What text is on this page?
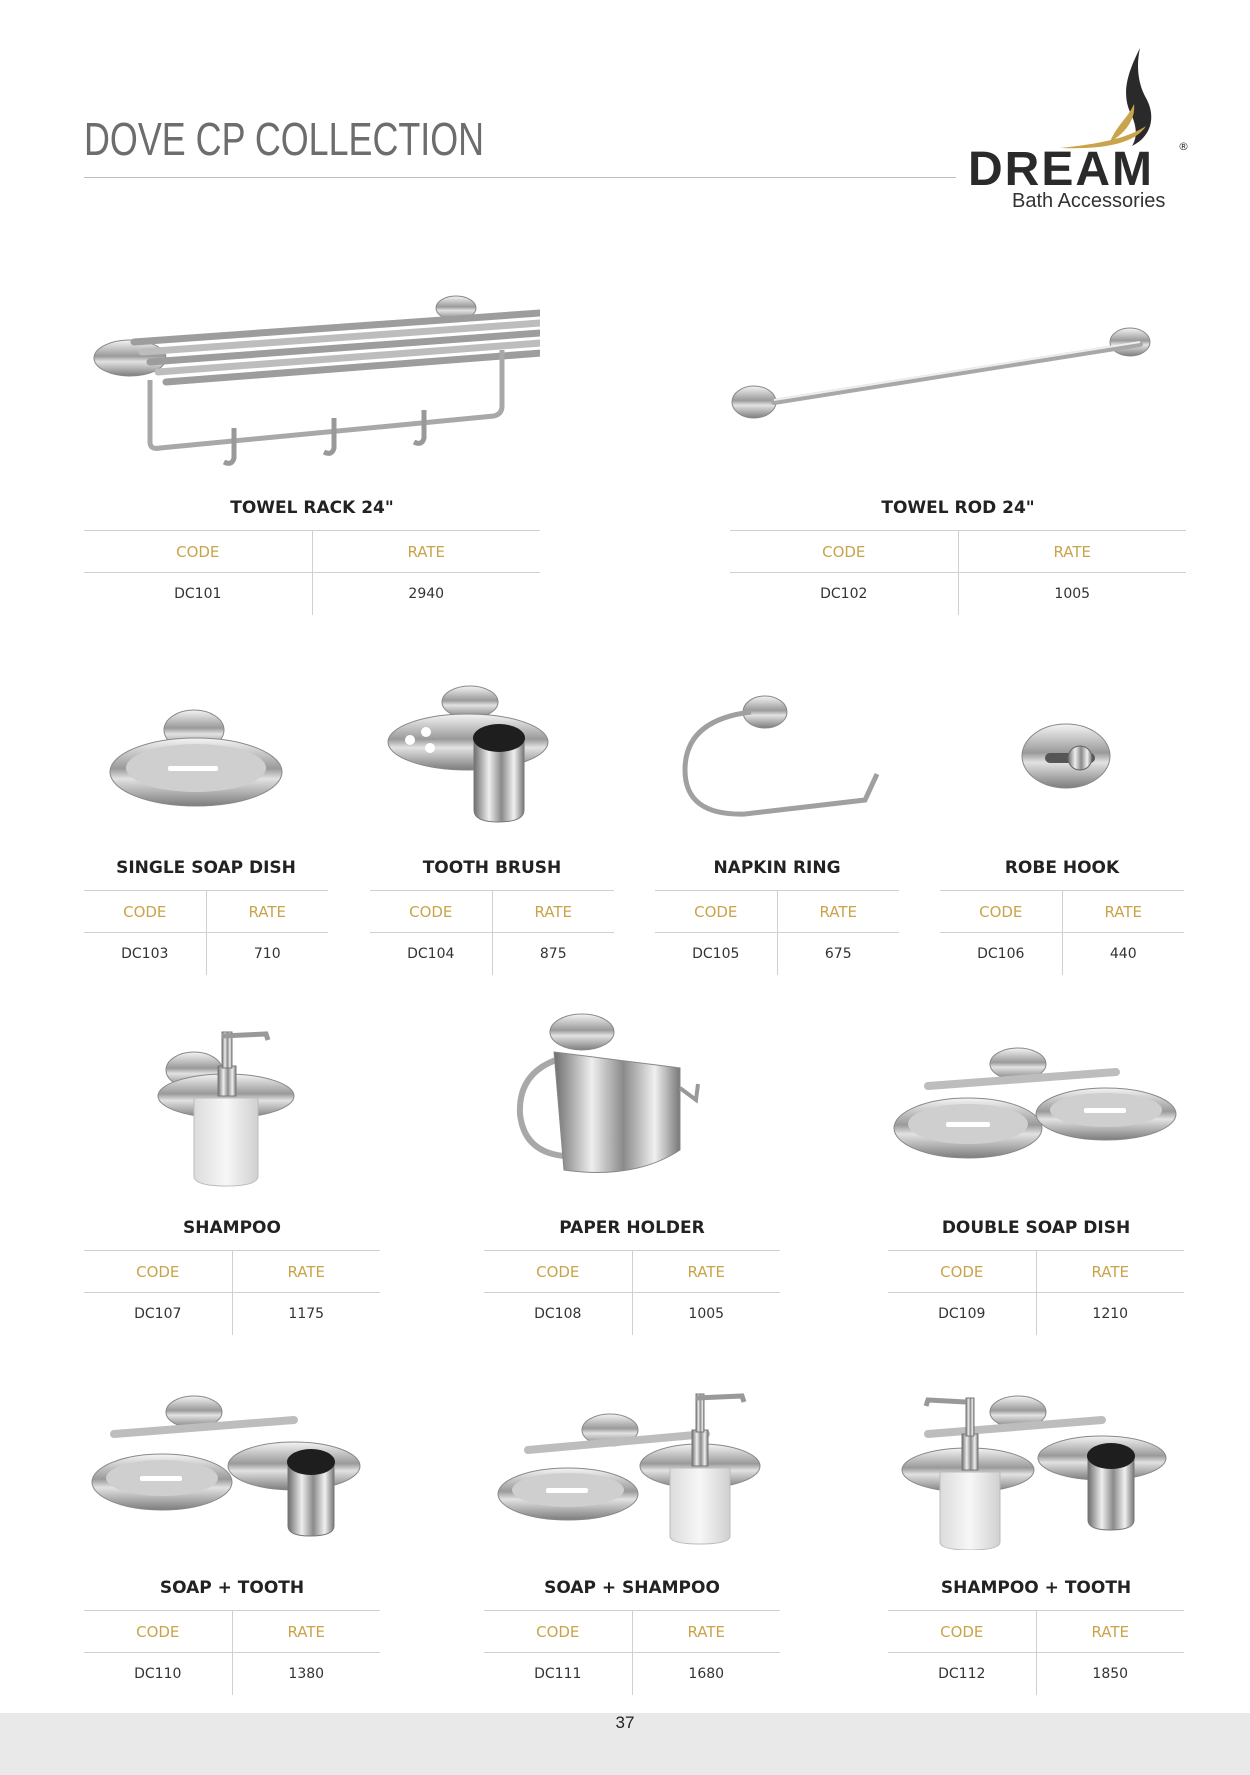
DOVE CP COLLECTION
DREAM ®
Bath Accessories
TOWEL RACK 24"
CODE	RATE
DC101	2940
TOWEL ROD 24"
CODE	RATE
DC102	1005
SINGLE SOAP DISH
CODE	RATE
DC103	710
TOOTH BRUSH
CODE	RATE
DC104	875
NAPKIN RING
CODE	RATE
DC105	675
ROBE HOOK
CODE	RATE
DC106	440
SHAMPOO
CODE	RATE
DC107	1175
PAPER HOLDER
CODE	RATE
DC108	1005
DOUBLE SOAP DISH
CODE	RATE
DC109	1210
SOAP + TOOTH
CODE	RATE
DC110	1380
SOAP + SHAMPOO
CODE	RATE
DC111	1680
SHAMPOO + TOOTH
CODE	RATE
DC112	1850
37
